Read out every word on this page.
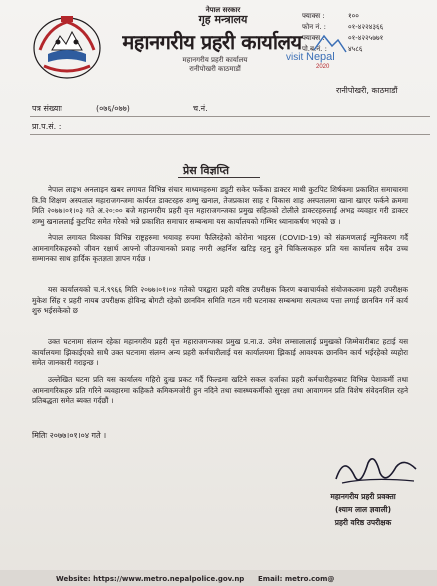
नेपाल सरकार
गृह मन्त्रालय
महानगरीय प्रहरी कार्यालय
महानगरीय प्रहरी कार्यालय
रानीपोखरी काठमाडौं
फ्याक्स :	१००
फोन नं. :	०१-४२२४३६६
फ्याक्स :	०१-४२२५७७१
पो.ब.नं. :	४५८६
visit Nepal
2020
रानीपोखरी, काठमाडौं
पत्र संख्याः	(०७६/०७७)	च.नं.
प्रा.प.सं. :
प्रेस विज्ञप्ति
नेपाल लाइभ अनलाइन खबर लगायत विभिन्न संचार माध्यमहरुमा ड्युटी सकेर फर्केका डाक्टर माथी कुटपिट शिर्षकमा प्रकाशित समाचारमा त्रि.वि शिक्षण अस्पताल महाराजगन्जमा कार्यरत डाक्टरहरु शम्भु खनाल, तेजप्रकाश साह र विकास शाह अस्पतालमा खाना खाएर फर्कने क्रममा मिति २०७७।०१।०३ गते अ.२०:०० बजे महानगरीय प्रहरी वृत्त महाराजगन्जका प्रमुख सहितको टोलीले डाक्टरहरुलाई अभद्र व्यवहार गरी डाक्टर शम्भु खनाललाई कुटपिट समेत गरेको भन्ने प्रकाशित समाचार सम्बन्धमा यस कार्यालयको गम्भिर ध्यानाकर्षण भएको छ ।
नेपाल लगायत विश्वका विभिन्न राष्ट्रहरुमा भयावह रुपमा फैलिरहेको कोरोना भाइरस (COVID-19) को संक्रमणलाई न्यूनिकरण गर्दै आमनागरिकहरुको जीवन रक्षार्थ आफ्नो जीउज्यानको प्रवाह नगरी अहर्निश खटिइ रहनु हुने चिकित्सकहरु प्रति यस कार्यालय सदैव उच्च सम्मानका साथ हार्दिक कृतज्ञता ज्ञापन गर्दछ ।
यस कार्यालयको च.नं.९९६६ मिति २०७७।०१।०४ गतेको पत्रद्वारा प्रहरी वरिष्ठ उपरीक्षक किरण बज्राचार्यको संयोजकत्वमा प्रहरी उपरीक्षक मुकेश सिंह र प्रहरी नायब उपरीक्षक होविन्द्र बोगटी रहेको छानविन समिति गठन गरी घटनाका सम्बन्धमा सत्यतथ्य पत्ता लगाई छानविन गर्ने कार्य शुरु भईसकेको छ
उक्त घटनामा संलग्न रहेका महानगरीय प्रहरी वृत्त महाराजगन्जका प्रमुख प्र.ना.उ. उमेश लम्सालालाई प्रमुखको जिम्मेवारीबाट हटाई यस कार्यालयमा झिकाईएको साथै उक्त घटनामा संलग्न अन्य प्रहरी कर्मचारीलाई यस कार्यालयमा झिकाई आवश्यक छानविन कार्य भईरहेको व्यहोरा समेत जानकारी गराइन्छ ।
उल्लेखित घटना प्रति यस कार्यालय गहिरो दुःख प्रकट गर्दै फिल्डमा खटिने सकल दर्जाका प्रहरी कर्मचारीहरुबाट विभिन्न पेशाकर्मी तथा आमनागरिकहरु प्रति गरिने व्यवहारमा कहिकतै कमिकमजोरी हुन नदिने तथा स्वास्थ्यकर्मीको सुरक्षा तथा आवागमन प्रति विशेष संवेदनशिल रहने प्रतिबद्धता समेत ब्यक्त गर्दछौं ।
मितिः २०७७।०१।०४ गते ।
महानगरीय प्रहरी प्रवक्ता
(श्याम लाल ज्ञवाली)
प्रहरी वरिष्ठ उपरीक्षक
Website: https://www.metro.nepalpolice.gov.np Email: metro.com@
